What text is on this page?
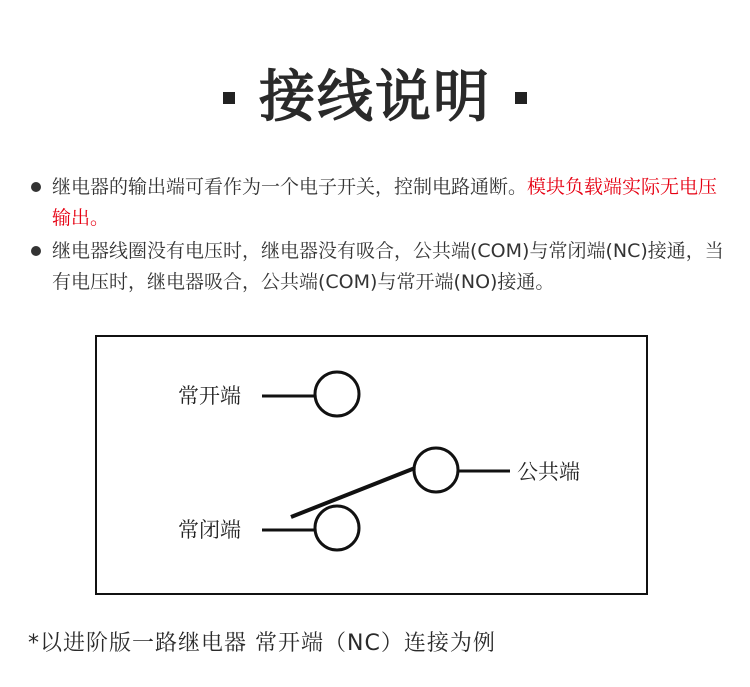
接线说明
继电器的输出端可看作为一个电子开关，控制电路通断。模块负载端实际无电压输出。
继电器线圈没有电压时，继电器没有吸合，公共端(COM)与常闭端(NC)接通，当有电压时，继电器吸合，公共端(COM)与常开端(NO)接通。
常开端
公共端
常闭端
*以进阶版一路继电器 常开端（NC）连接为例
